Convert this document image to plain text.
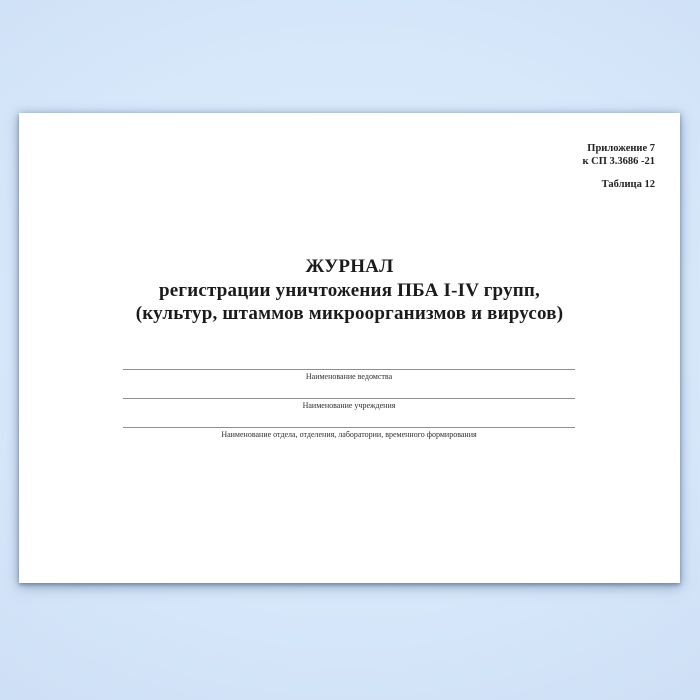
Приложение 7
к СП 3.3686 -21
Таблица 12
ЖУРНАЛ
регистрации уничтожения ПБА I-IV групп,
(культур, штаммов микроорганизмов и вирусов)
Наименование ведомства
Наименование учреждения
Наименование отдела, отделения, лаборатории, временного формирования
